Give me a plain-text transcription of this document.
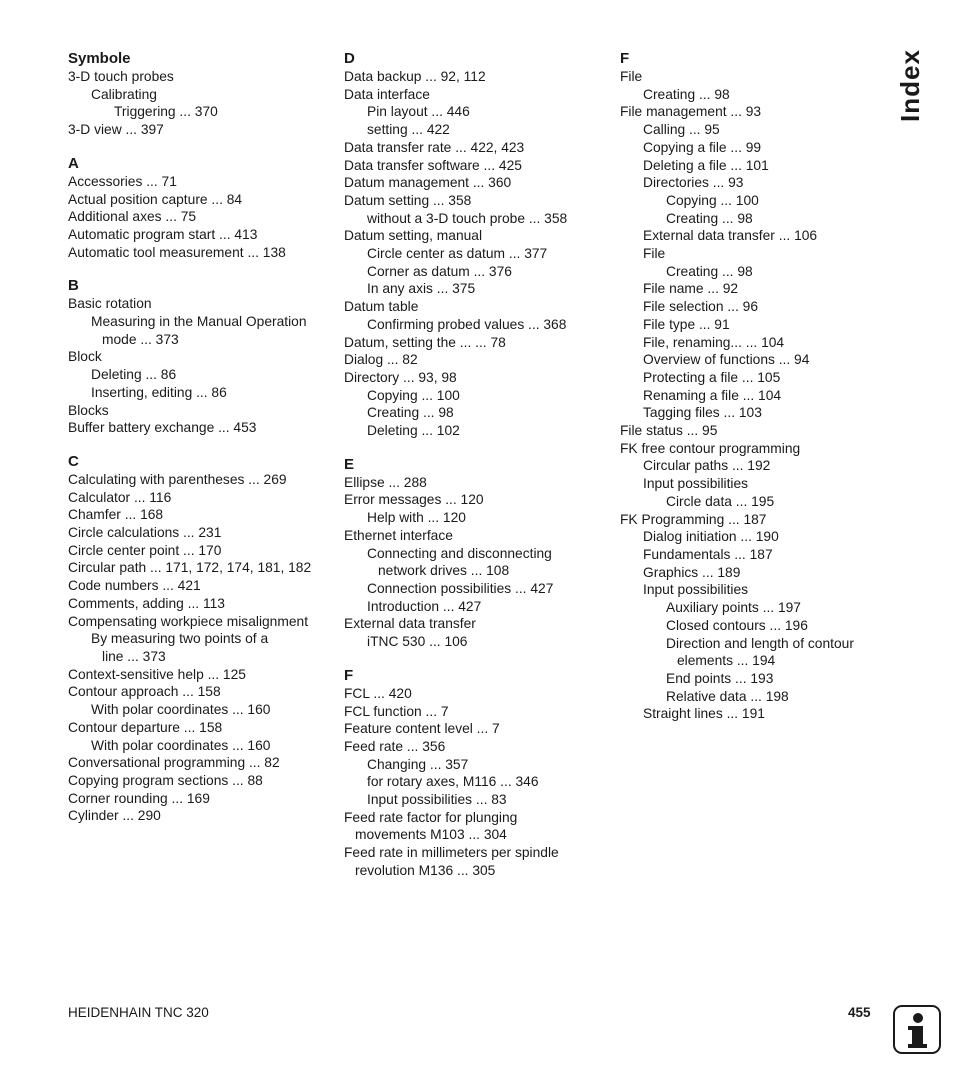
Symbole
3-D touch probes
Calibrating
Triggering ... 370
3-D view ... 397
A
Accessories ... 71
Actual position capture ... 84
Additional axes ... 75
Automatic program start ... 413
Automatic tool measurement ... 138
B
Basic rotation
Measuring in the Manual Operation
mode ... 373
Block
Deleting ... 86
Inserting, editing ... 86
Blocks
Buffer battery exchange ... 453
C
Calculating with parentheses ... 269
Calculator ... 116
Chamfer ... 168
Circle calculations ... 231
Circle center point ... 170
Circular path ... 171, 172, 174, 181, 182
Code numbers ... 421
Comments, adding ... 113
Compensating workpiece misalignment
By measuring two points of a
line ... 373
Context-sensitive help ... 125
Contour approach ... 158
With polar coordinates ... 160
Contour departure ... 158
With polar coordinates ... 160
Conversational programming ... 82
Copying program sections ... 88
Corner rounding ... 169
Cylinder ... 290
D
Data backup ... 92, 112
Data interface
Pin layout ... 446
setting ... 422
Data transfer rate ... 422, 423
Data transfer software ... 425
Datum management ... 360
Datum setting ... 358
without a 3-D touch probe ... 358
Datum setting, manual
Circle center as datum ... 377
Corner as datum ... 376
In any axis ... 375
Datum table
Confirming probed values ... 368
Datum, setting the ... ... 78
Dialog ... 82
Directory ... 93, 98
Copying ... 100
Creating ... 98
Deleting ... 102
E
Ellipse ... 288
Error messages ... 120
Help with ... 120
Ethernet interface
Connecting and disconnecting
network drives ... 108
Connection possibilities ... 427
Introduction ... 427
External data transfer
iTNC 530 ... 106
F
FCL ... 420
FCL function ... 7
Feature content level ... 7
Feed rate ... 356
Changing ... 357
for rotary axes, M116 ... 346
Input possibilities ... 83
Feed rate factor for plunging
movements M103 ... 304
Feed rate in millimeters per spindle
revolution M136 ... 305
F
File
Creating ... 98
File management ... 93
Calling ... 95
Copying a file ... 99
Deleting a file ... 101
Directories ... 93
Copying ... 100
Creating ... 98
External data transfer ... 106
File
Creating ... 98
File name ... 92
File selection ... 96
File type ... 91
File, renaming... ... 104
Overview of functions ... 94
Protecting a file ... 105
Renaming a file ... 104
Tagging files ... 103
File status ... 95
FK free contour programming
Circular paths ... 192
Input possibilities
Circle data ... 195
FK Programming ... 187
Dialog initiation ... 190
Fundamentals ... 187
Graphics ... 189
Input possibilities
Auxiliary points ... 197
Closed contours ... 196
Direction and length of contour
elements ... 194
End points ... 193
Relative data ... 198
Straight lines ... 191
Index
HEIDENHAIN TNC 320	455
